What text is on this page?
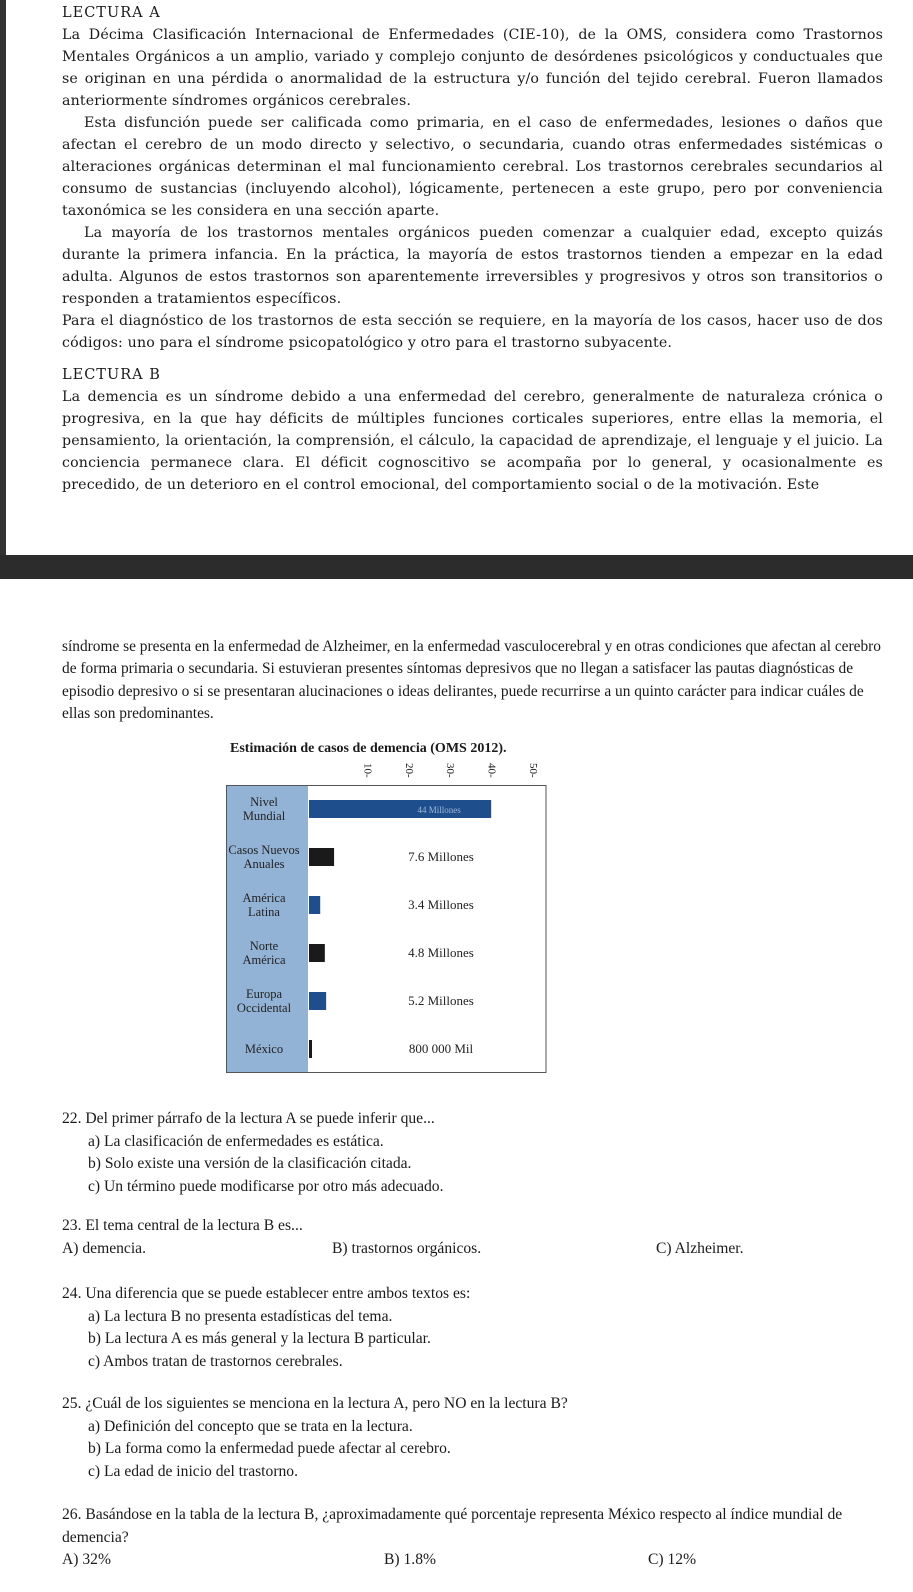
LECTURA A

La Décima Clasificación Internacional de Enfermedades (CIE-10), de la OMS, considera como Trastornos Mentales Orgánicos a un amplio, variado y complejo conjunto de desórdenes psicológicos y conductuales que se originan en una pérdida o anormalidad de la estructura y/o función del tejido cerebral. Fueron llamados anteriormente síndromes orgánicos cerebrales.

Esta disfunción puede ser calificada como primaria, en el caso de enfermedades, lesiones o daños que afectan el cerebro de un modo directo y selectivo, o secundaria, cuando otras enfermedades sistémicas o alteraciones orgánicas determinan el mal funcionamiento cerebral. Los trastornos cerebrales secundarios al consumo de sustancias (incluyendo alcohol), lógicamente, pertenecen a este grupo, pero por conveniencia taxonómica se les considera en una sección aparte.

La mayoría de los trastornos mentales orgánicos pueden comenzar a cualquier edad, excepto quizás durante la primera infancia. En la práctica, la mayoría de estos trastornos tienden a empezar en la edad adulta. Algunos de estos trastornos son aparentemente irreversibles y progresivos y otros son transitorios o responden a tratamientos específicos.

Para el diagnóstico de los trastornos de esta sección se requiere, en la mayoría de los casos, hacer uso de dos códigos: uno para el síndrome psicopatológico y otro para el trastorno subyacente.

LECTURA B

La demencia es un síndrome debido a una enfermedad del cerebro, generalmente de naturaleza crónica o progresiva, en la que hay déficits de múltiples funciones corticales superiores, entre ellas la memoria, el pensamiento, la orientación, la comprensión, el cálculo, la capacidad de aprendizaje, el lenguaje y el juicio. La conciencia permanece clara. El déficit cognoscitivo se acompaña por lo general, y ocasionalmente es precedido, de un deterioro en el control emocional, del comportamiento social o de la motivación. Este

síndrome se presenta en la enfermedad de Alzheimer, en la enfermedad vasculocerebral y en otras condiciones que afectan al cerebro de forma primaria o secundaria. Si estuvieran presentes síntomas depresivos que no llegan a satisfacer las pautas diagnósticas de episodio depresivo o si se presentaran alucinaciones o ideas delirantes, puede recurrirse a un quinto carácter para indicar cuáles de ellas son predominantes.

Estimación de casos de demencia (OMS 2012).
10-	20-	30-	40-	50-
Nivel
Mundial	44 Millones
Casos Nuevos
Anuales	7.6 Millones
América
Latina	3.4 Millones
Norte
América	4.8 Millones
Europa
Occidental	5.2 Millones
México	800 000 Mil
22. Del primer párrafo de la lectura A se puede inferir que...
a) La clasificación de enfermedades es estática.
b) Solo existe una versión de la clasificación citada.
c) Un término puede modificarse por otro más adecuado.
23. El tema central de la lectura B es...
A) demencia.	B) trastornos orgánicos.	C) Alzheimer.
24. Una diferencia que se puede establecer entre ambos textos es:
a) La lectura B no presenta estadísticas del tema.
b) La lectura A es más general y la lectura B particular.
c) Ambos tratan de trastornos cerebrales.
25. ¿Cuál de los siguientes se menciona en la lectura A, pero NO en la lectura B?
a) Definición del concepto que se trata en la lectura.
b) La forma como la enfermedad puede afectar al cerebro.
c) La edad de inicio del trastorno.
26. Basándose en la tabla de la lectura B, ¿aproximadamente qué porcentaje representa México respecto al índice mundial de demencia?
A) 32%	B) 1.8%	C) 12%
